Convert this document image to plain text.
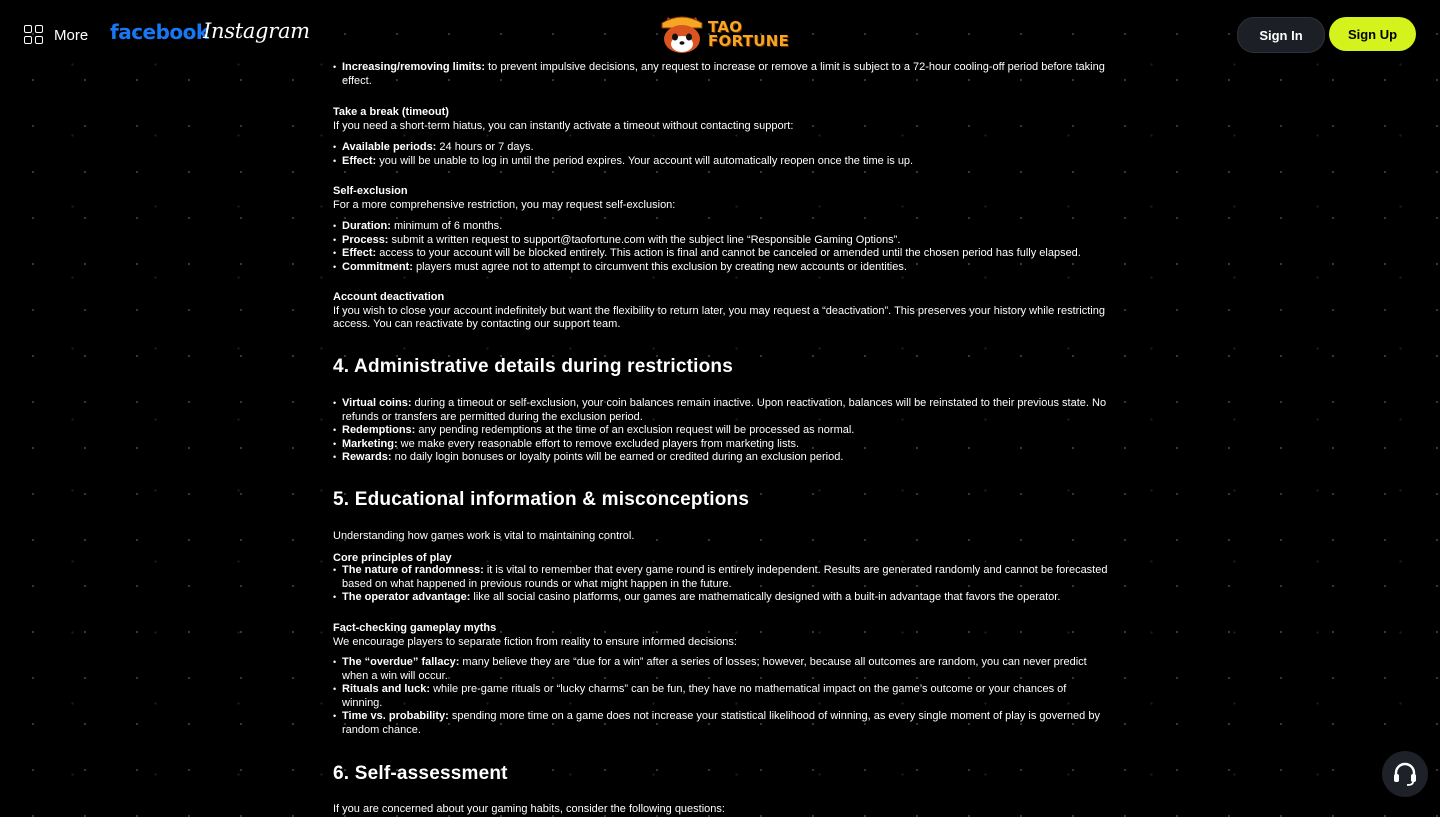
More facebook
Instagram	TAO
FORTUNE	Sign In	Sign Up
• Increasing/removing limits: to prevent impulsive decisions, any request to increase or remove a limit is subject to a 72-hour cooling-off period before taking effect.
Take a break (timeout)
If you need a short-term hiatus, you can instantly activate a timeout without contacting support:
• Available periods: 24 hours or 7 days.
• Effect: you will be unable to log in until the period expires. Your account will automatically reopen once the time is up.
Self-exclusion
For a more comprehensive restriction, you may request self-exclusion:
• Duration: minimum of 6 months.
• Process: submit a written request to support@taofortune.com with the subject line “Responsible Gaming Options”.
• Effect: access to your account will be blocked entirely. This action is final and cannot be canceled or amended until the chosen period has fully elapsed.
• Commitment: players must agree not to attempt to circumvent this exclusion by creating new accounts or identities.
Account deactivation
If you wish to close your account indefinitely but want the flexibility to return later, you may request a “deactivation”. This preserves your history while restricting access. You can reactivate by contacting our support team.
4. Administrative details during restrictions
• Virtual coins: during a timeout or self-exclusion, your coin balances remain inactive. Upon reactivation, balances will be reinstated to their previous state. No refunds or transfers are permitted during the exclusion period.
• Redemptions: any pending redemptions at the time of an exclusion request will be processed as normal.
• Marketing: we make every reasonable effort to remove excluded players from marketing lists.
• Rewards: no daily login bonuses or loyalty points will be earned or credited during an exclusion period.
5. Educational information & misconceptions
Understanding how games work is vital to maintaining control.
Core principles of play
• The nature of randomness: it is vital to remember that every game round is entirely independent. Results are generated randomly and cannot be forecasted based on what happened in previous rounds or what might happen in the future.
• The operator advantage: like all social casino platforms, our games are mathematically designed with a built-in advantage that favors the operator.
Fact-checking gameplay myths
We encourage players to separate fiction from reality to ensure informed decisions:
• The “overdue” fallacy: many believe they are “due for a win” after a series of losses; however, because all outcomes are random, you can never predict when a win will occur.
• Rituals and luck: while pre-game rituals or “lucky charms” can be fun, they have no mathematical impact on the game’s outcome or your chances of winning.
• Time vs. probability: spending more time on a game does not increase your statistical likelihood of winning, as every single moment of play is governed by random chance.
6. Self-assessment
If you are concerned about your gaming habits, consider the following questions:
